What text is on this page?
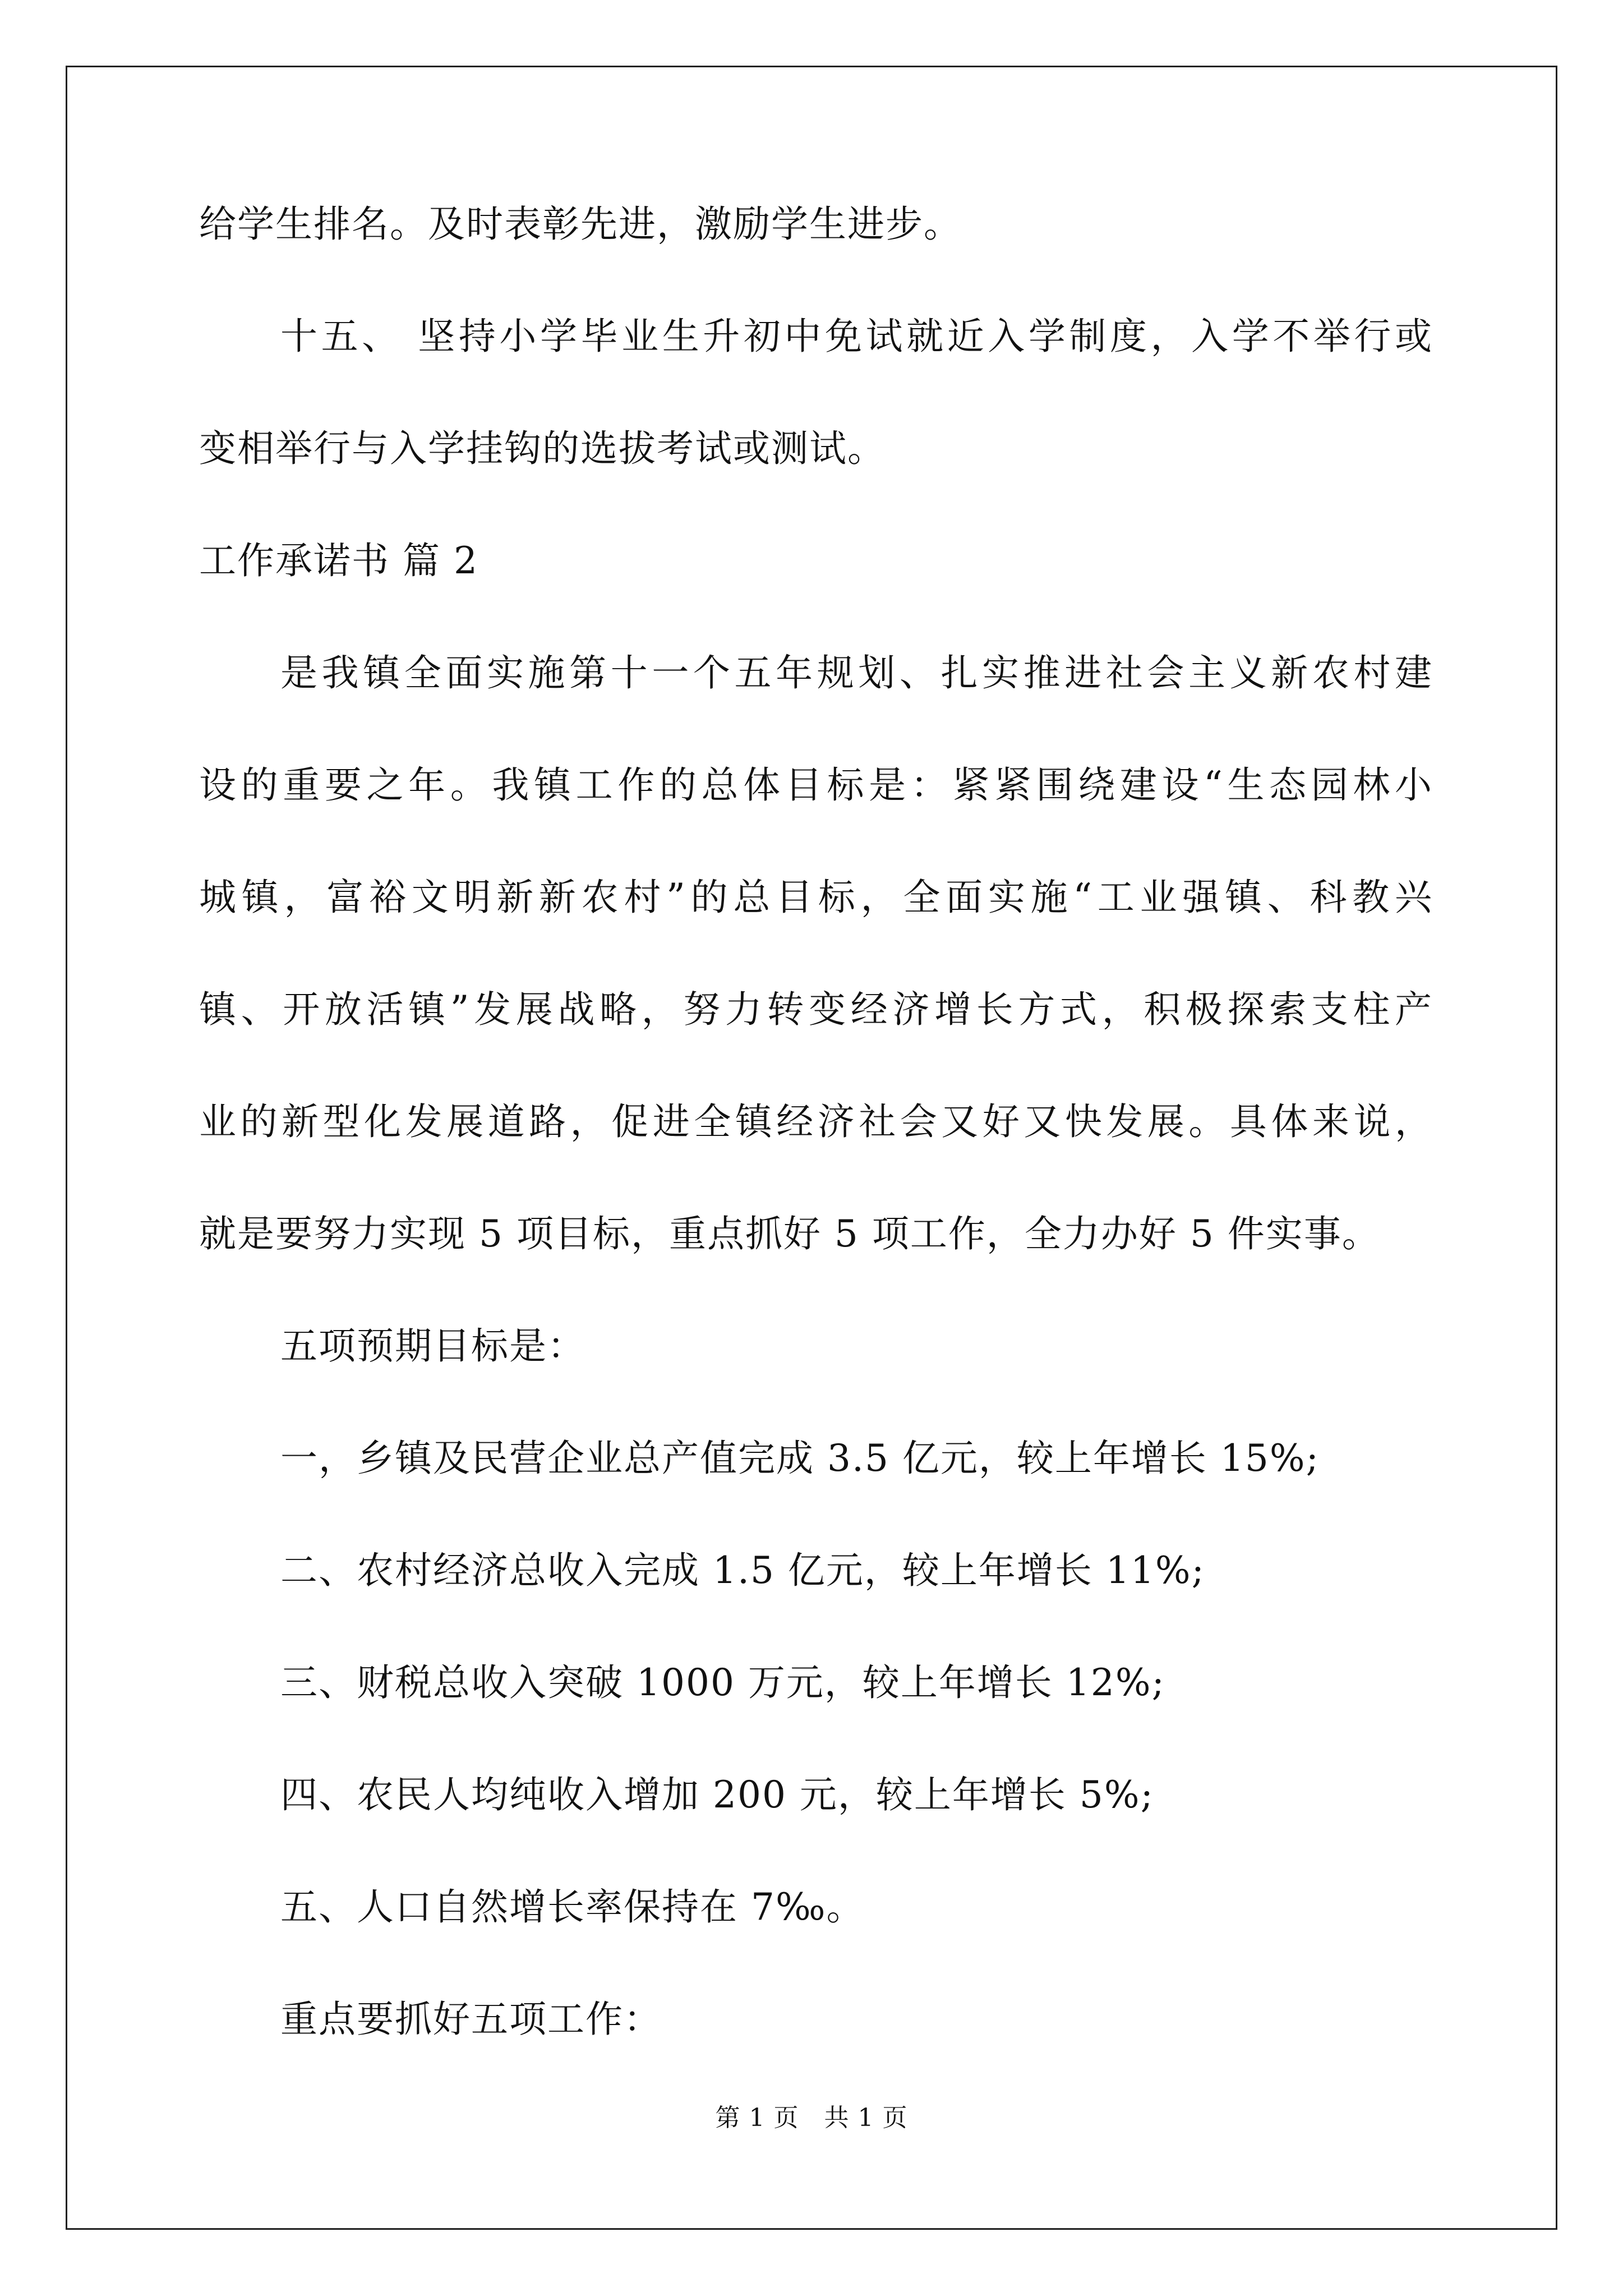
给学生排名。及时表彰先进，激励学生进步。
十五、 坚持小学毕业生升初中免试就近入学制度，入学不举行或
变相举行与入学挂钩的选拔考试或测试。
工作承诺书 篇 2
是我镇全面实施第十一个五年规划、扎实推进社会主义新农村建
设的重要之年。我镇工作的总体目标是：紧紧围绕建设“生态园林小
城镇，富裕文明新新农村”的总目标，全面实施“工业强镇、科教兴
镇、开放活镇”发展战略，努力转变经济增长方式，积极探索支柱产
业的新型化发展道路，促进全镇经济社会又好又快发展。具体来说，
就是要努力实现 5 项目标，重点抓好 5 项工作，全力办好 5 件实事。
五项预期目标是：
一，乡镇及民营企业总产值完成 3.5 亿元，较上年增长 15%;
二、农村经济总收入完成 1.5 亿元，较上年增长 11%;
三、财税总收入突破 1000 万元，较上年增长 12%;
四、农民人均纯收入增加 200 元，较上年增长 5%;
五、人口自然增长率保持在 7‰。
重点要抓好五项工作：
第 1 页　共 1 页
